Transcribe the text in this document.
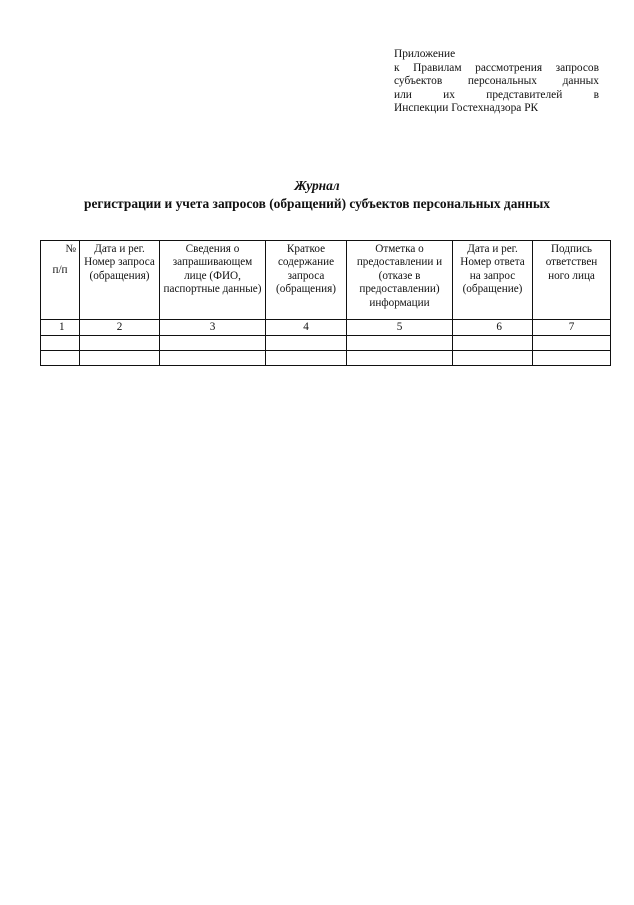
Приложение
к Правилам рассмотрения запросов
субъектов персональных данных
или их представителей в
Инспекции Гостехнадзора РК
Журнал
регистрации и учета запросов (обращений) субъектов персональных данных
№
п/п	Дата и рег. Номер запроса (обращения)	Сведения о запрашивающем лице (ФИО, паспортные данные)	Краткое содержание запроса (обращения)	Отметка о предоставлении и (отказе в предоставлении) информации	Дата и рег. Номер ответа на запрос (обращение)	Подпись ответствен ного лица
1	2	3	4	5	6	7
